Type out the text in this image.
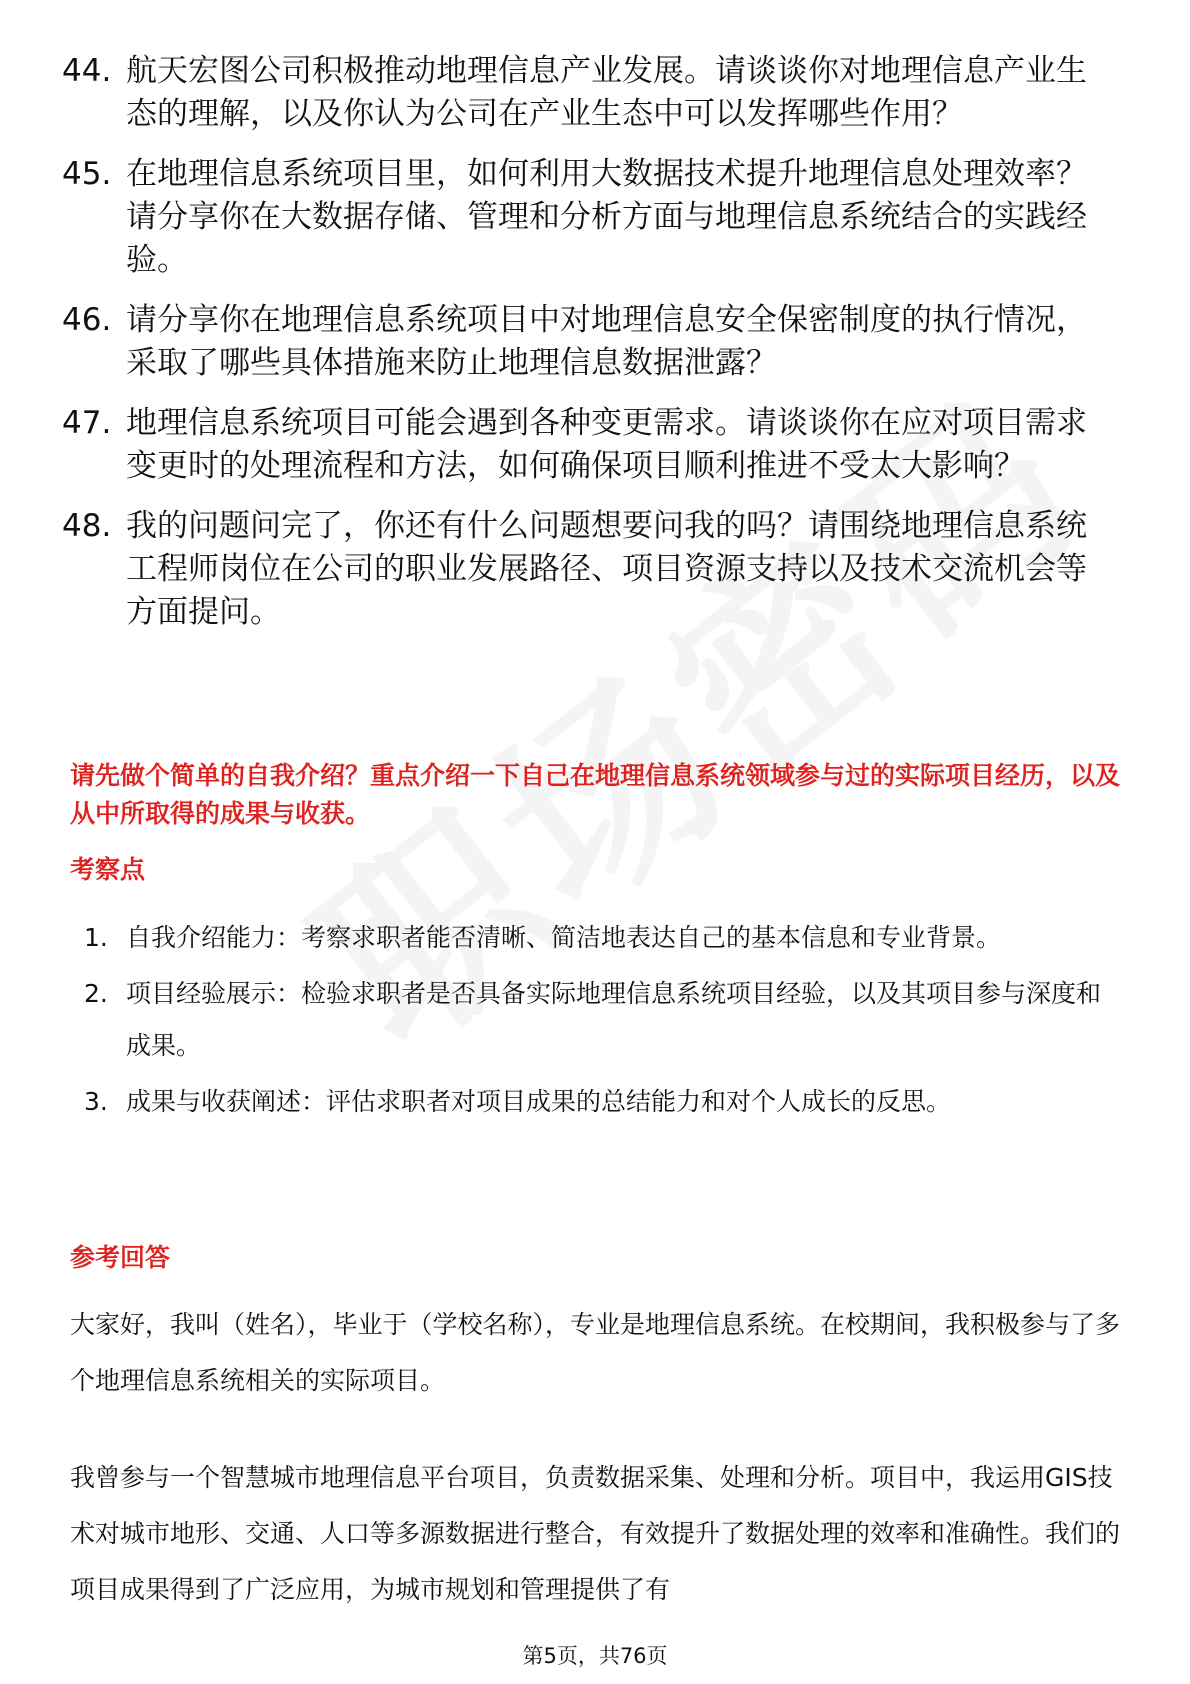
44. 航天宏图公司积极推动地理信息产业发展。请谈谈你对地理信息产业生态的理解，以及你认为公司在产业生态中可以发挥哪些作用？
45. 在地理信息系统项目里，如何利用大数据技术提升地理信息处理效率？请分享你在大数据存储、管理和分析方面与地理信息系统结合的实践经验。
46. 请分享你在地理信息系统项目中对地理信息安全保密制度的执行情况，采取了哪些具体措施来防止地理信息数据泄露？
47. 地理信息系统项目可能会遇到各种变更需求。请谈谈你在应对项目需求变更时的处理流程和方法，如何确保项目顺利推进不受太大影响？
48. 我的问题问完了，你还有什么问题想要问我的吗？请围绕地理信息系统工程师岗位在公司的职业发展路径、项目资源支持以及技术交流机会等方面提问。
请先做个简单的自我介绍？重点介绍一下自己在地理信息系统领域参与过的实际项目经历，以及从中所取得的成果与收获。
考察点
1. 自我介绍能力：考察求职者能否清晰、简洁地表达自己的基本信息和专业背景。
2. 项目经验展示：检验求职者是否具备实际地理信息系统项目经验，以及其项目参与深度和成果。
3. 成果与收获阐述：评估求职者对项目成果的总结能力和对个人成长的反思。
参考回答
大家好，我叫（姓名），毕业于（学校名称），专业是地理信息系统。在校期间，我积极参与了多个地理信息系统相关的实际项目。
我曾参与一个智慧城市地理信息平台项目，负责数据采集、处理和分析。项目中，我运用GIS技术对城市地形、交通、人口等多源数据进行整合，有效提升了数据处理的效率和准确性。我们的项目成果得到了广泛应用，为城市规划和管理提供了有
第5页，共76页
